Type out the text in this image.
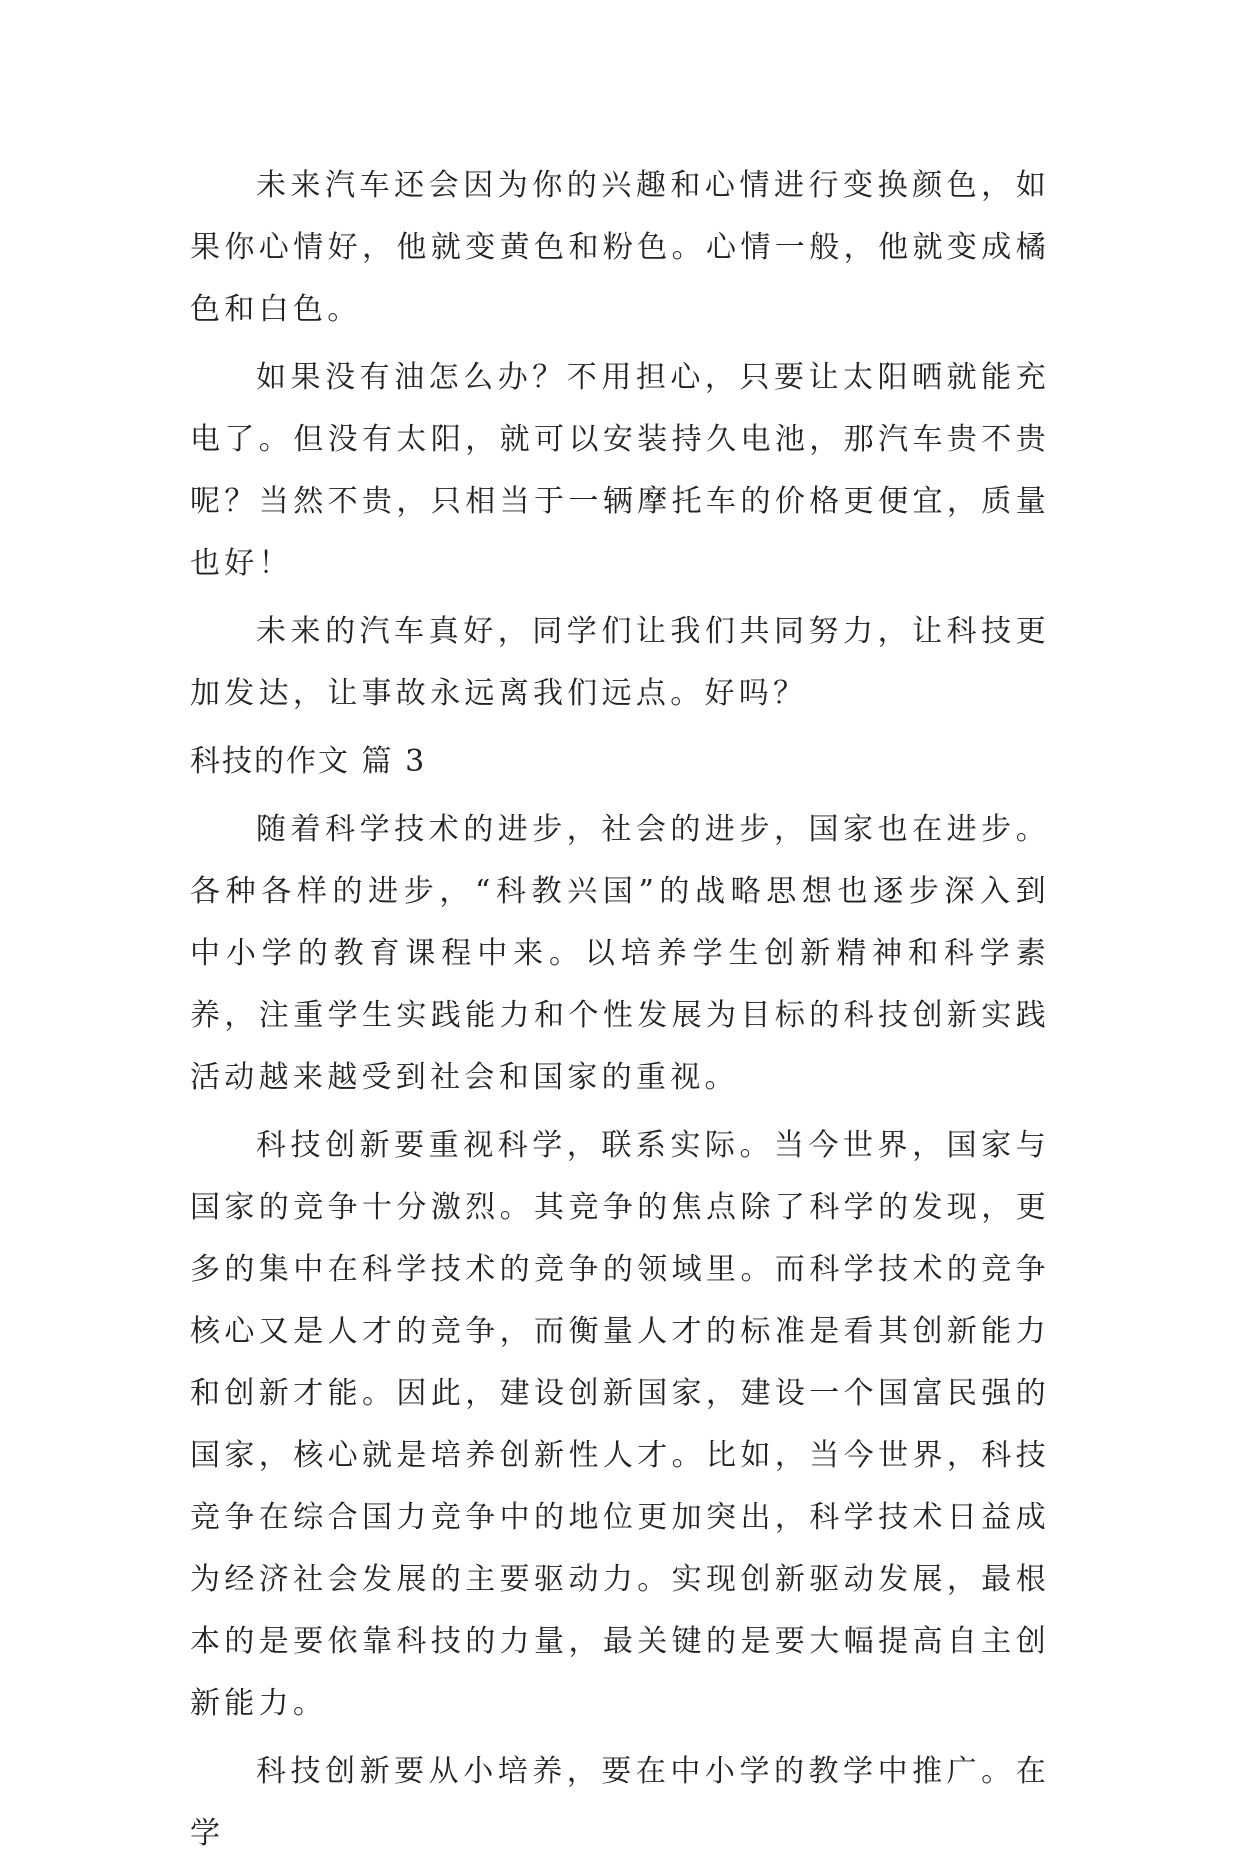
未来汽车还会因为你的兴趣和心情进行变换颜色，如果你心情好，他就变黄色和粉色。心情一般，他就变成橘色和白色。

如果没有油怎么办？不用担心，只要让太阳晒就能充电了。但没有太阳，就可以安装持久电池，那汽车贵不贵呢？当然不贵，只相当于一辆摩托车的价格更便宜，质量也好！

未来的汽车真好，同学们让我们共同努力，让科技更加发达，让事故永远离我们远点。好吗？

科技的作文 篇 3

随着科学技术的进步，社会的进步，国家也在进步。各种各样的进步，“科教兴国”的战略思想也逐步深入到中小学的教育课程中来。以培养学生创新精神和科学素养，注重学生实践能力和个性发展为目标的科技创新实践活动越来越受到社会和国家的重视。

科技创新要重视科学，联系实际。当今世界，国家与国家的竞争十分激烈。其竞争的焦点除了科学的发现，更多的集中在科学技术的竞争的领域里。而科学技术的竞争核心又是人才的竞争，而衡量人才的标准是看其创新能力和创新才能。因此，建设创新国家，建设一个国富民强的国家，核心就是培养创新性人才。比如，当今世界，科技竞争在综合国力竞争中的地位更加突出，科学技术日益成为经济社会发展的主要驱动力。实现创新驱动发展，最根本的是要依靠科技的力量，最关键的是要大幅提高自主创新能力。

科技创新要从小培养，要在中小学的教学中推广。在学
